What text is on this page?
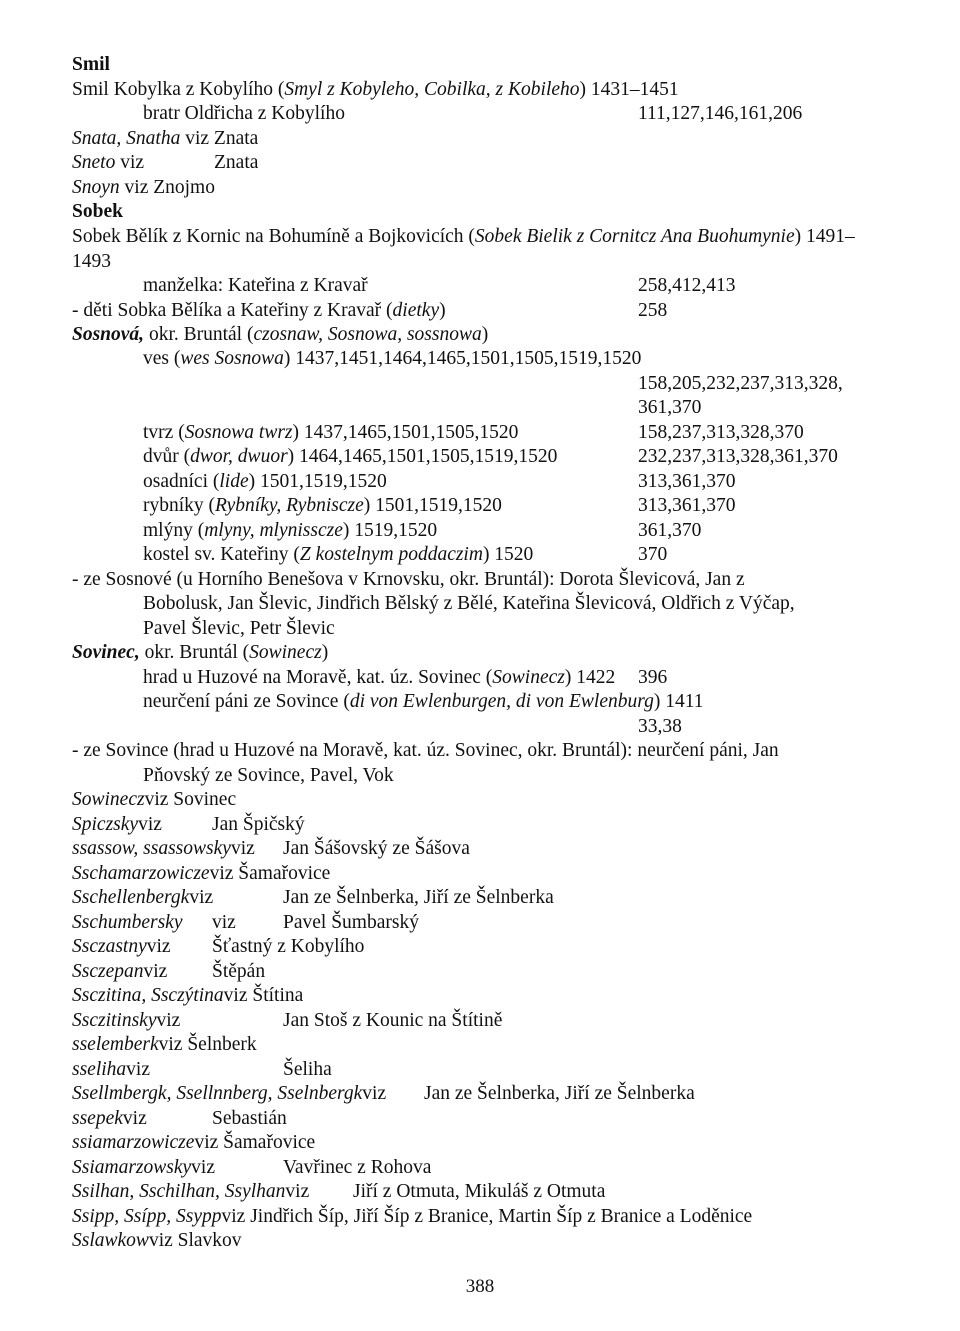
Smil
Smil Kobylka z Kobylího (Smyl z Kobyleho, Cobilka, z Kobileho) 1431–1451
bratr Oldřicha z Kobylího	111,127,146,161,206
Snata, Snatha viz Znata
Sneto viz	Znata
Snoyn viz Znojmo
Sobek
Sobek Bělík z Kornic na Bohumíně a Bojkovicích (Sobek Bielik z Cornitcz Ana Buohumynie) 1491–
1493
manželka: Kateřina z Kravař	258,412,413
- děti Sobka Bělíka a Kateřiny z Kravař (dietky)	258
Sosnová, okr. Bruntál (czosnaw, Sosnowa, sossnowa)
ves (wes Sosnowa) 1437,1451,1464,1465,1501,1505,1519,1520
158,205,232,237,313,328,
361,370
tvrz (Sosnowa twrz) 1437,1465,1501,1505,1520	158,237,313,328,370
dvůr (dwor, dwuor) 1464,1465,1501,1505,1519,1520	232,237,313,328,361,370
osadníci (lide) 1501,1519,1520	313,361,370
rybníky (Rybníky, Rybniscze) 1501,1519,1520	313,361,370
mlýny (mlyny, mlynisscze) 1519,1520	361,370
kostel sv. Kateřiny (Z kostelnym poddaczim) 1520	370
- ze Sosnové (u Horního Benešova v Krnovsku, okr. Bruntál): Dorota Šlevicová, Jan z
Bobolusk, Jan Šlevic, Jindřich Bělský z Bělé, Kateřina Šlevicová, Oldřich z Výčap,
Pavel Šlevic, Petr Šlevic
Sovinec, okr. Bruntál (Sowinecz)
hrad u Huzové na Moravě, kat. úz. Sovinec (Sowinecz) 1422 396
neurčení páni ze Sovince (di von Ewlenburgen, di von Ewlenburg) 1411
33,38
- ze Sovince (hrad u Huzové na Moravě, kat. úz. Sovinec, okr. Bruntál): neurčení páni, Jan
Pňovský ze Sovince, Pavel, Vok
Sowinecz viz Sovinec
Spiczsky viz	Jan Špičský
ssassow, ssassowsky viz Jan Šášovský ze Šášova
Sschamarzowicze viz Šamařovice
Sschellenbergk viz	Jan ze Šelnberka, Jiří ze Šelnberka
Sschumbersky viz Pavel Šumbarský
Ssczastny viz Šťastný z Kobylího
Ssczepan viz Štěpán
Ssczitina, Ssczýtina viz Štítina
Ssczitinsky viz	Jan Stoš z Kounic na Štítině
sselemberk viz Šelnberk
sseliha viz	Šeliha
Ssellmbergk, Ssellnnberg, Sselnbergk viz Jan ze Šelnberka, Jiří ze Šelnberka
ssepek viz	Sebastián
ssiamarzowicze viz Šamařovice
Ssiamarzowsky viz	Vavřinec z Rohova
Ssilhan, Sschilhan, Ssylhan viz Jiří z Otmuta, Mikuláš z Otmuta
Ssipp, Ssípp, Ssypp viz Jindřich Šíp, Jiří Šíp z Branice, Martin Šíp z Branice a Loděnice
Sslawkow viz Slavkov
388
